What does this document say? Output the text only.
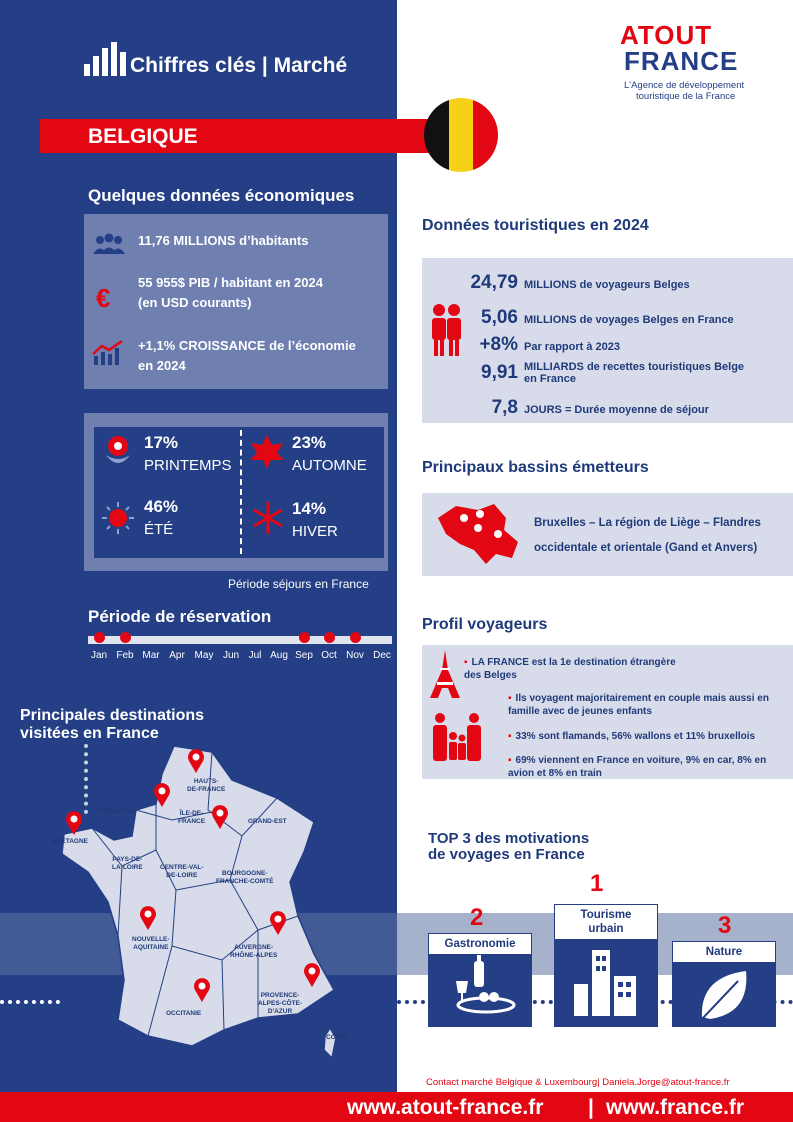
Chiffres clés | Marché
ATOUT
FRANCE
L'Agence de développement
touristique de la France
BELGIQUE
Quelques données économiques
11,76 MILLIONS d’habitants
€
55 955$ PIB / habitant en 2024
(en USD courants)
+1,1% CROISSANCE de l’économie
en 2024
17%
PRINTEMPS
23%
AUTOMNE
46%
ÉTÉ
14%
HIVER
Période séjours en France
Période de réservation
Jan Feb Mar Apr May Jun Jul Aug Sep Oct Nov Dec
Principales destinations
visitées en France
HAUTS-
DE-FRANCE
NORMANDIE	ÎLE-DE-
FRANCE	GRAND-EST
BRETAGNE
PAYS-DE-
LA-LOIRE	CENTRE-VAL-
DE-LOIRE	BOURGOGNE-
FRANCHE-COMTÉ
NOUVELLE-
AQUITAINE	AUVERGNE-
RHÔNE-ALPES
OCCITANIE
PROVENCE-
ALPES-CÔTE-
D'AZUR
CORSE
Données touristiques en 2024
24,79 MILLIONS de voyageurs Belges
5,06 MILLIONS de voyages Belges en France
+8% Par rapport à 2023
9,91 MILLIARDS de recettes touristiques Belge
en France
7,8 JOURS = Durée moyenne de séjour
Principaux bassins émetteurs
Bruxelles – La région de Liège – Flandres occidentale et orientale (Gand et Anvers)
Profil voyageurs
▪ LA FRANCE est la 1e destination étrangère des Belges
▪ Ils voyagent majoritairement en couple mais aussi en famille avec de jeunes enfants
▪ 33% sont flamands, 56% wallons et 11% bruxellois
▪ 69% viennent en France en voiture, 9% en car, 8% en avion et 8% en train
TOP 3 des motivations
de voyages en France
2
Gastronomie
1
Tourisme
urbain	3
Nature
Contact marché Belgique & Luxembourg| Daniela.Jorge@atout-france.fr
www.atout-france.fr | www.france.fr
